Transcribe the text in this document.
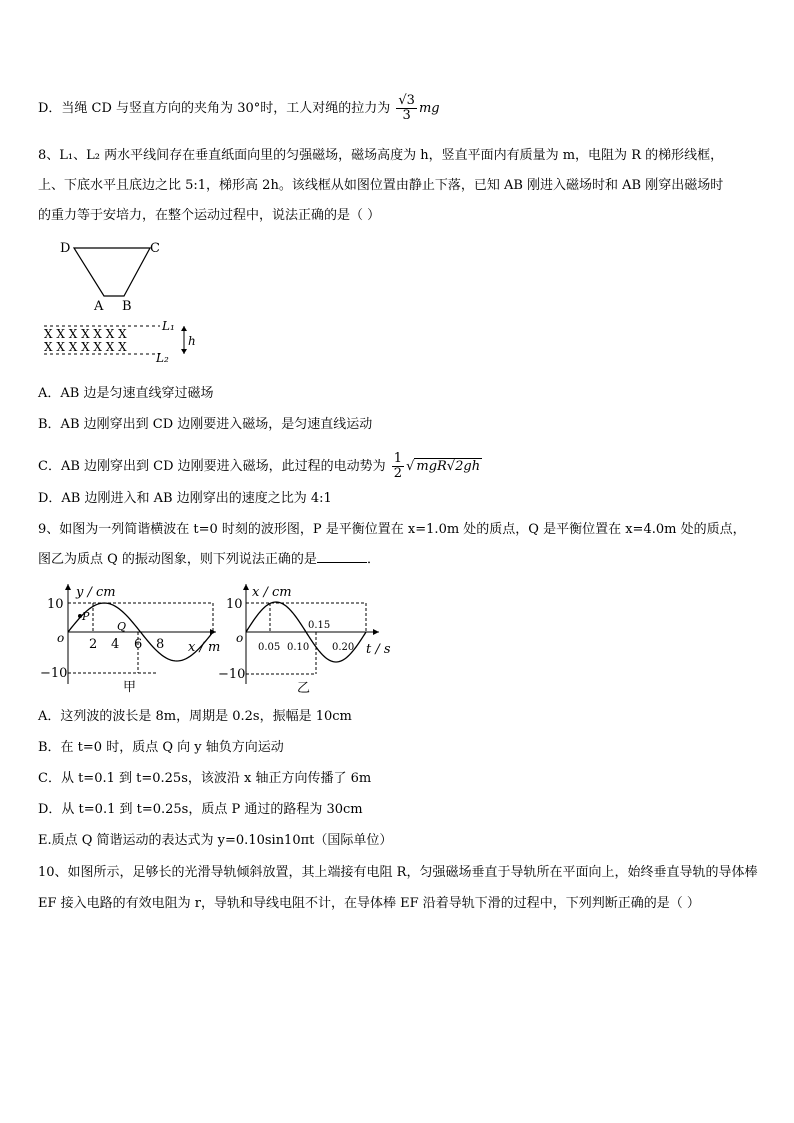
D．当绳 CD 与竖直方向的夹角为 30°时，工人对绳的拉力为 $\frac{√3}{3}$ mg
8、L₁、L₂ 两水平线间存在垂直纸面向里的匀强磁场，磁场高度为 h，竖直平面内有质量为 m，电阻为 R 的梯形线框，
上、下底水平且底边之比 5:1，梯形高 2h。该线框从如图位置由静止下落，已知 AB 刚进入磁场时和 AB 刚穿出磁场时
的重力等于安培力，在整个运动过程中，说法正确的是（ ）
D	C
A B
X X X X X X X
X X X X X X X
L₁
L₂
h
A．AB 边是匀速直线穿过磁场
B．AB 边刚穿出到 CD 边刚要进入磁场，是匀速直线运动
C．AB 边刚穿出到 CD 边刚要进入磁场，此过程的电动势为 $\frac{1}{2}$ √ mgR√2gh
D．AB 边刚进入和 AB 边刚穿出的速度之比为 4:1
9、如图为一列简谐横波在 t=0 时刻的波形图，P 是平衡位置在 x=1.0m 处的质点，Q 是平衡位置在 x=4.0m 处的质点，
图乙为质点 Q 的振动图象，则下列说法正确的是	．
P
Q
y / cm
x / m
10
−10
o 2 4 6 8
甲
x / cm
t / s
10
−10
o
0.05 0.10
0.15
0.20
乙
A．这列波的波长是 8m，周期是 0.2s，振幅是 10cm
B．在 t=0 时，质点 Q 向 y 轴负方向运动
C．从 t=0.1 到 t=0.25s，该波沿 x 轴正方向传播了 6m
D．从 t=0.1 到 t=0.25s，质点 P 通过的路程为 30cm
E.质点 Q 简谐运动的表达式为 y=0.10sin10πt（国际单位）
10、如图所示，足够长的光滑导轨倾斜放置，其上端接有电阻 R，匀强磁场垂直于导轨所在平面向上，始终垂直导轨的导体棒 EF 接入电路的有效电阻为 r，导轨和导线电阻不计，在导体棒 EF 沿着导轨下滑的过程中，下列判断正确的是（ ）
